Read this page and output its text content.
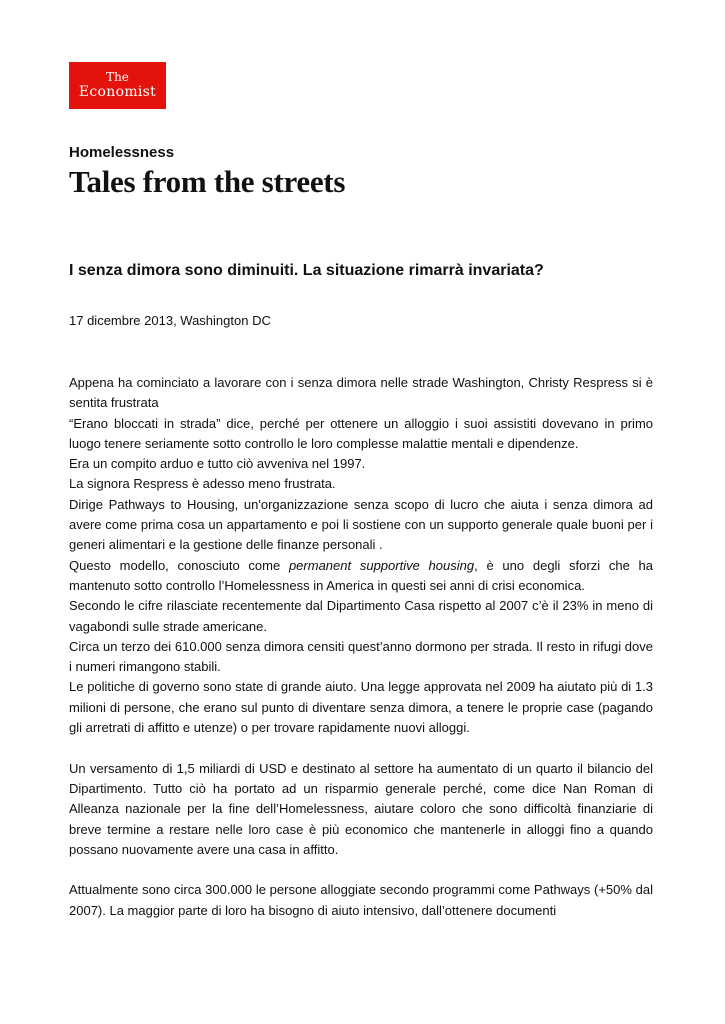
The
Economist
Homelessness
Tales from the streets
I senza dimora sono diminuiti. La situazione rimarrà invariata?
17 dicembre 2013, Washington DC

Appena ha cominciato a lavorare con i senza dimora nelle strade Washington, Christy Respress si è sentita frustrata

“Erano bloccati in strada” dice, perché per ottenere un alloggio i suoi assistiti dovevano in primo luogo tenere seriamente sotto controllo le loro complesse malattie mentali e dipendenze.

Era un compito arduo e tutto ciò avveniva nel 1997.

La signora Respress è adesso meno frustrata.

Dirige Pathways to Housing, un'organizzazione senza scopo di lucro che aiuta i senza dimora ad avere come prima cosa un appartamento e poi li sostiene con un supporto generale quale buoni per i generi alimentari e la gestione delle finanze personali .

Questo modello, conosciuto come permanent supportive housing, è uno degli sforzi che ha mantenuto sotto controllo l’Homelessness in America in questi sei anni di crisi economica.

Secondo le cifre rilasciate recentemente dal Dipartimento Casa rispetto al 2007 c’è il 23% in meno di vagabondi sulle strade americane.

Circa un terzo dei 610.000 senza dimora censiti quest’anno dormono per strada. Il resto in rifugi dove i numeri rimangono stabili.

Le politiche di governo sono state di grande aiuto. Una legge approvata nel 2009 ha aiutato più di 1.3 milioni di persone, che erano sul punto di diventare senza dimora, a tenere le proprie case (pagando gli arretrati di affitto e utenze) o per trovare rapidamente nuovi alloggi.

Un versamento di 1,5 miliardi di USD e destinato al settore ha aumentato di un quarto il bilancio del Dipartimento. Tutto ciò ha portato ad un risparmio generale perché, come dice Nan Roman di Alleanza nazionale per la fine dell’Homelessness, aiutare coloro che sono difficoltà finanziarie di breve termine a restare nelle loro case è più economico che mantenerle in alloggi fino a quando possano nuovamente avere una casa in affitto.

Attualmente sono circa 300.000 le persone alloggiate secondo programmi come Pathways (+50% dal 2007). La maggior parte di loro ha bisogno di aiuto intensivo, dall’ottenere documenti
